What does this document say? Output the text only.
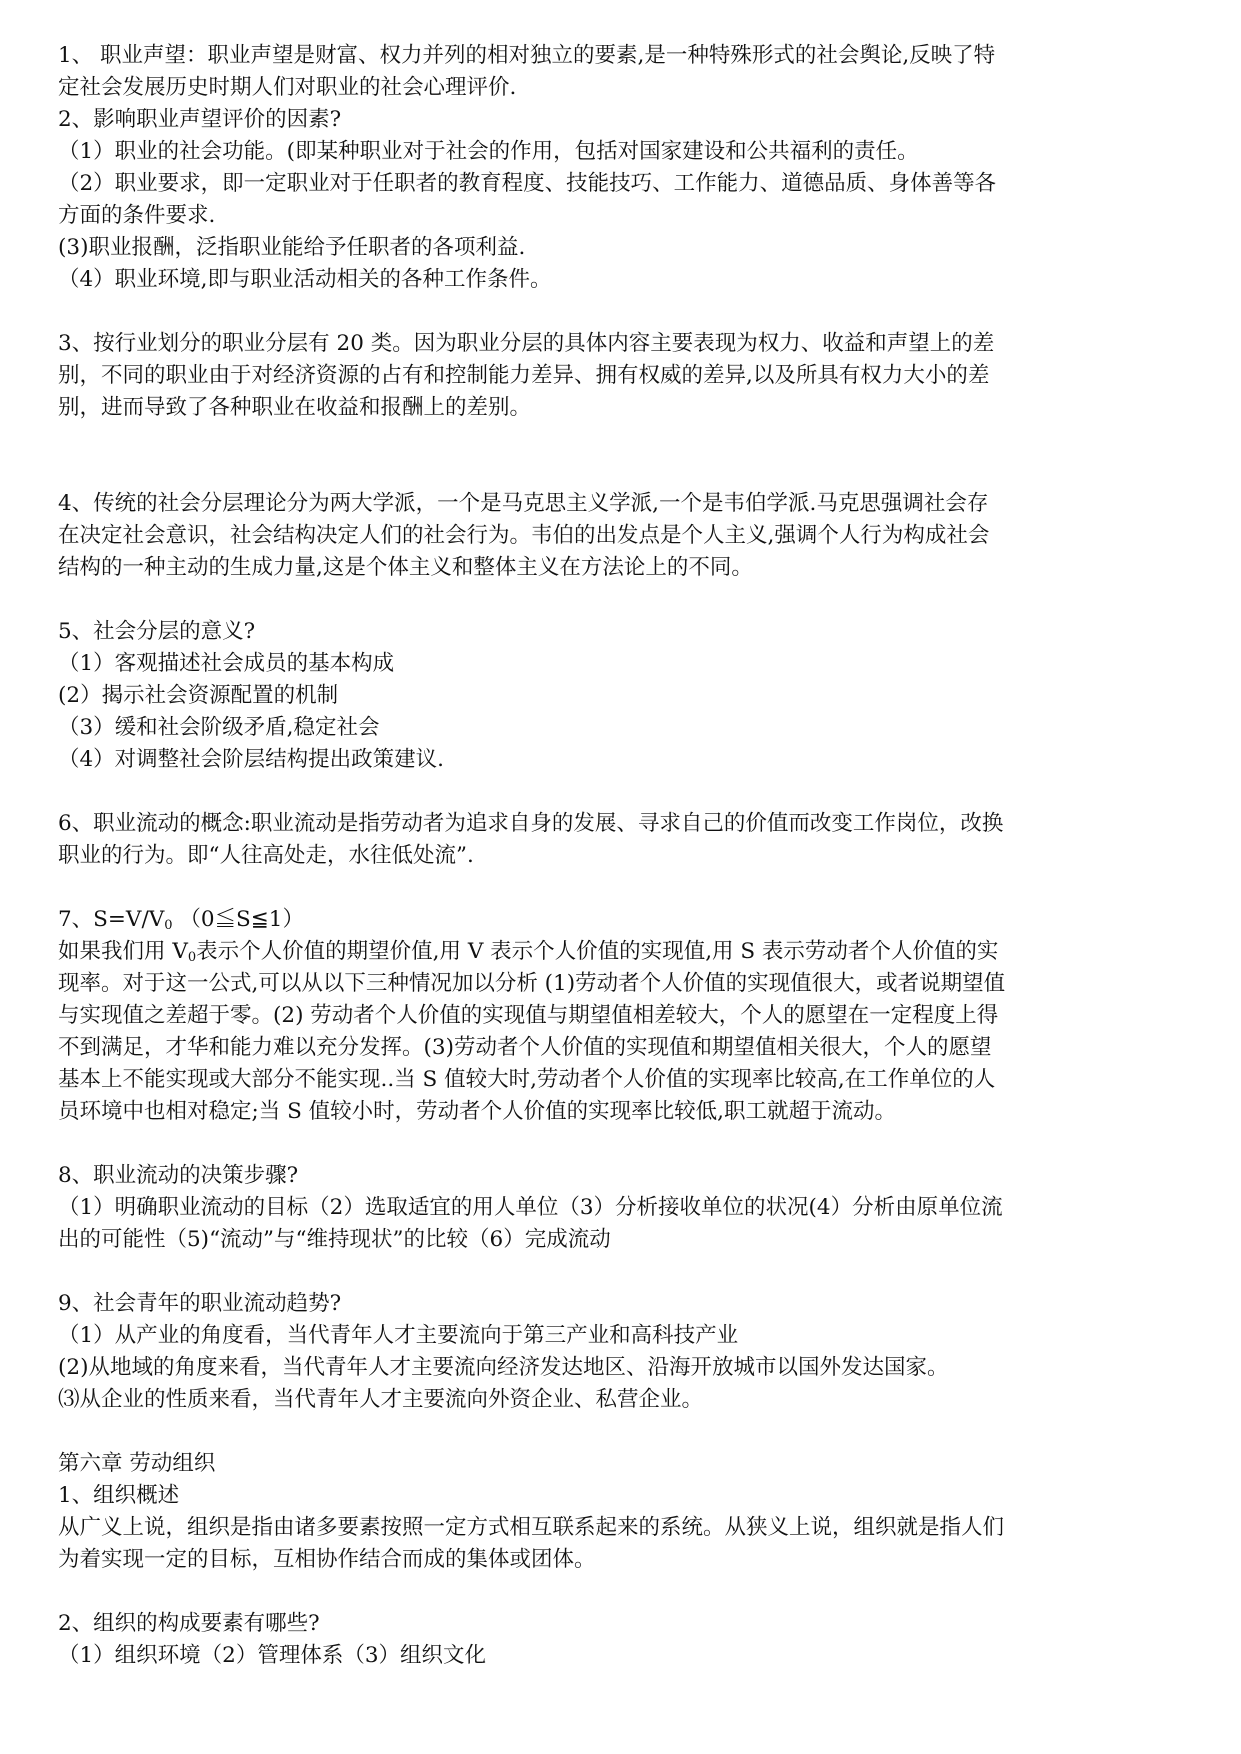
1、 职业声望：职业声望是财富、权力并列的相对独立的要素,是一种特殊形式的社会舆论,反映了特

定社会发展历史时期人们对职业的社会心理评价.

2、影响职业声望评价的因素?

（1）职业的社会功能。(即某种职业对于社会的作用，包括对国家建设和公共福利的责任。

（2）职业要求，即一定职业对于任职者的教育程度、技能技巧、工作能力、道德品质、身体善等各

方面的条件要求.

(3)职业报酬，泛指职业能给予任职者的各项利益.

（4）职业环境,即与职业活动相关的各种工作条件。

3、按行业划分的职业分层有 20 类。因为职业分层的具体内容主要表现为权力、收益和声望上的差

别，不同的职业由于对经济资源的占有和控制能力差异、拥有权威的差异,以及所具有权力大小的差

别，进而导致了各种职业在收益和报酬上的差别。

4、传统的社会分层理论分为两大学派，一个是马克思主义学派,一个是韦伯学派.马克思强调社会存

在决定社会意识，社会结构决定人们的社会行为。韦伯的出发点是个人主义,强调个人行为构成社会

结构的一种主动的生成力量,这是个体主义和整体主义在方法论上的不同。

5、社会分层的意义?

（1）客观描述社会成员的基本构成

(2）揭示社会资源配置的机制

（3）缓和社会阶级矛盾,稳定社会

（4）对调整社会阶层结构提出政策建议.

6、职业流动的概念:职业流动是指劳动者为追求自身的发展、寻求自己的价值而改变工作岗位，改换

职业的行为。即“人往高处走，水往低处流”.

7、$S=V/V_0$ （0≦S≦1）

如果我们用 $V_0$表示个人价值的期望价值,用 V 表示个人价值的实现值,用 S 表示劳动者个人价值的实

现率。对于这一公式,可以从以下三种情况加以分析 (1)劳动者个人价值的实现值很大，或者说期望值

与实现值之差超于零。(2) 劳动者个人价值的实现值与期望值相差较大，个人的愿望在一定程度上得

不到满足，才华和能力难以充分发挥。(3)劳动者个人价值的实现值和期望值相关很大，个人的愿望

基本上不能实现或大部分不能实现..当 S 值较大时,劳动者个人价值的实现率比较高,在工作单位的人

员环境中也相对稳定;当 S 值较小时，劳动者个人价值的实现率比较低,职工就超于流动。

8、职业流动的决策步骤?

（1）明确职业流动的目标（2）选取适宜的用人单位（3）分析接收单位的状况(4）分析由原单位流

出的可能性（5)“流动”与“维持现状”的比较（6）完成流动

9、社会青年的职业流动趋势?

（1）从产业的角度看，当代青年人才主要流向于第三产业和高科技产业

(2)从地域的角度来看，当代青年人才主要流向经济发达地区、沿海开放城市以国外发达国家。

⑶从企业的性质来看，当代青年人才主要流向外资企业、私营企业。

第六章 劳动组织

1、组织概述

从广义上说，组织是指由诸多要素按照一定方式相互联系起来的系统。从狭义上说，组织就是指人们

为着实现一定的目标，互相协作结合而成的集体或团体。

2、组织的构成要素有哪些?

（1）组织环境（2）管理体系（3）组织文化
